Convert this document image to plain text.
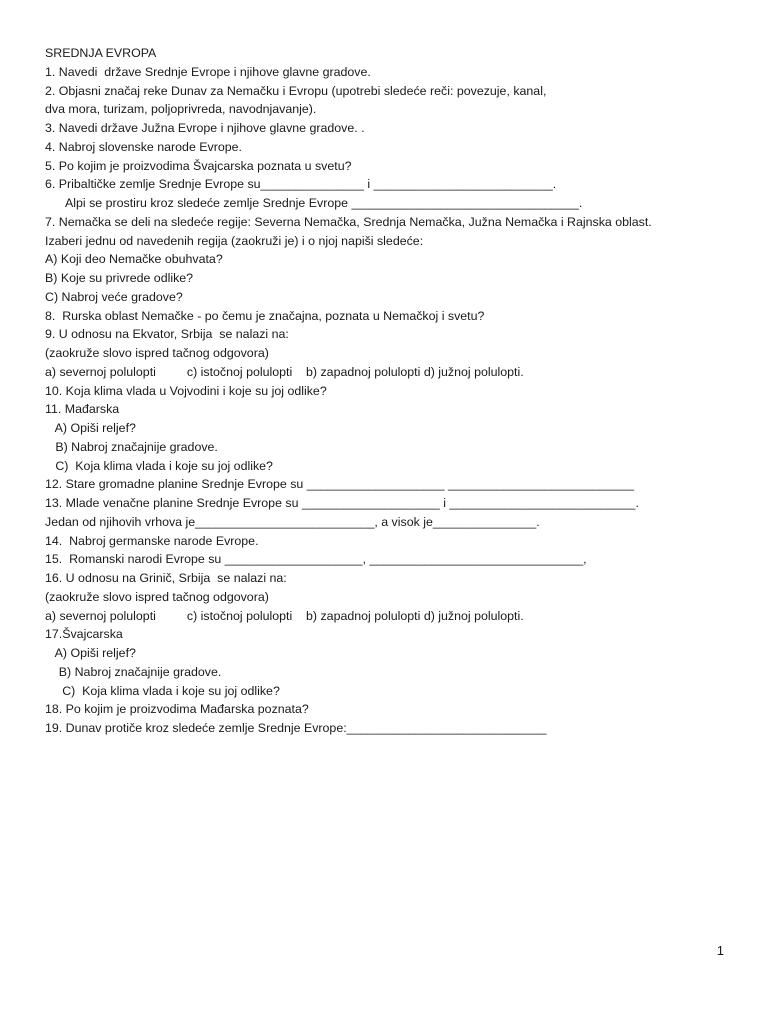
SREDNJA EVROPA
1. Navedi  države Srednje Evrope i njihove glavne gradove.
2. Objasni značaj reke Dunav za Nemačku i Evropu (upotrebi sledeće reči: povezuje, kanal,
dva mora, turizam, poljoprivreda, navodnjavanje).
3. Navedi države Južna Evrope i njihove glavne gradove. .
4. Nabroj slovenske narode Evrope.
5. Po kojim je proizvodima Švajcarska poznata u svetu?
6. Pribaltičke zemlje Srednje Evrope su_______________ i __________________________.
Alpi se prostiru kroz sledeće zemlje Srednje Evrope _________________________________.
7. Nemačka se deli na sledeće regije: Severna Nemačka, Srednja Nemačka, Južna Nemačka i Rajnska oblast.
Izaberi jednu od navedenih regija (zaokruži je) i o njoj napiši sledeće:
A) Koji deo Nemačke obuhvata?
B) Koje su privrede odlike?
C) Nabroj veće gradove?
8.  Rurska oblast Nemačke - po čemu je značajna, poznata u Nemačkoj i svetu?
9. U odnosu na Ekvator, Srbija  se nalazi na:
(zaokruže slovo ispred tačnog odgovora)
a) severnoj polulopti         c) istočnoj polulopti    b) zapadnoj polulopti d) južnoj polulopti.
10. Koja klima vlada u Vojvodini i koje su joj odlike?
11. Mađarska
A) Opiši reljef?
B) Nabroj značajnije gradove.
C)  Koja klima vlada i koje su joj odlike?
12. Stare gromadne planine Srednje Evrope su ____________________ ___________________________
13. Mlade venačne planine Srednje Evrope su ____________________ i ___________________________.
Jedan od njihovih vrhova je__________________________, a visok je_______________.
14.  Nabroj germanske narode Evrope.
15.  Romanski narodi Evrope su ____________________, _______________________________,
16. U odnosu na Grinič, Srbija  se nalazi na:
(zaokruže slovo ispred tačnog odgovora)
a) severnoj polulopti         c) istočnoj polulopti    b) zapadnoj polulopti d) južnoj polulopti.
17.Švajcarska
A) Opiši reljef?
B) Nabroj značajnije gradove.
C)  Koja klima vlada i koje su joj odlike?
18. Po kojim je proizvodima Mađarska poznata?
19. Dunav protiče kroz sledeće zemlje Srednje Evrope:_____________________________
1
